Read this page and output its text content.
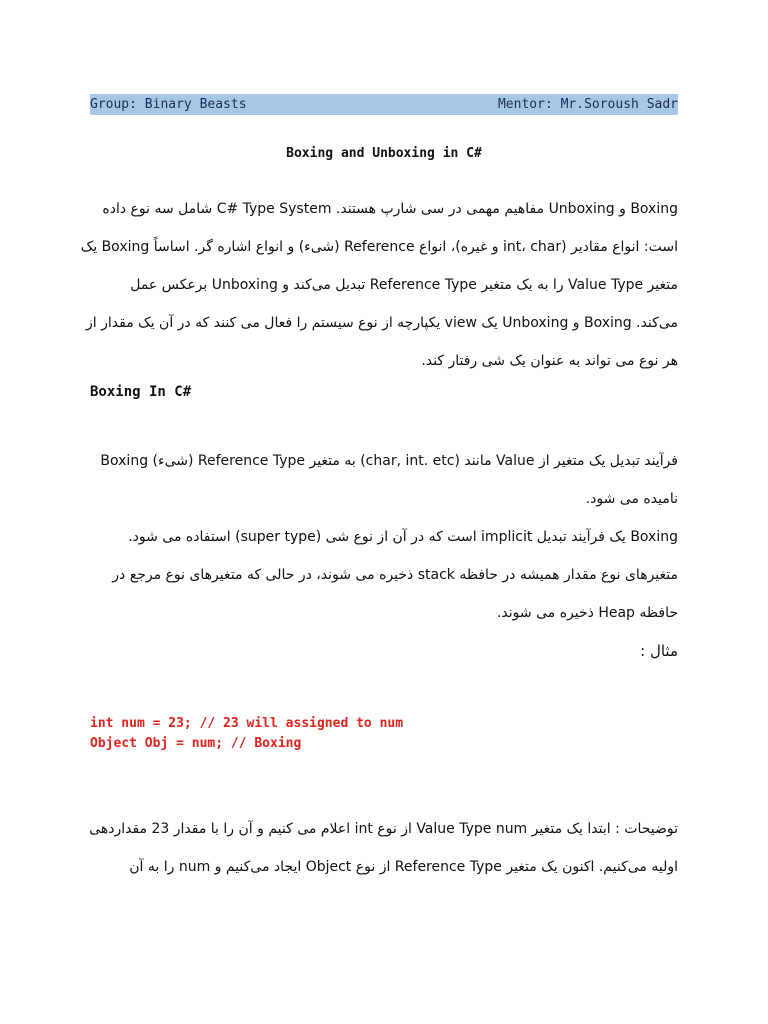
Group: Binary Beasts	Mentor: Mr.Soroush Sadr
Boxing and Unboxing in C#

Boxing و Unboxing مفاهیم مهمی در سی شارپ هستند. C# Type System شامل سه نوع داده

است: انواع مقادیر (int، char و غیره)، انواع Reference (شیء) و انواع اشاره گر. اساساً Boxing یک

متغیر Value Type را به یک متغیر Reference Type تبدیل می‌کند و Unboxing برعکس عمل

می‌کند. Boxing و Unboxing یک view یکپارچه از نوع سیستم را فعال می کنند که در آن یک مقدار از

هر نوع می تواند به عنوان یک شی رفتار کند.

Boxing In C#

فرآیند تبدیل یک متغیر از Value مانند (char, int. etc) به متغیر Reference Type (شیء) Boxing

نامیده می شود.

Boxing یک فرآیند تبدیل implicit است که در آن از نوع شی (super type) استفاده می شود.

متغیرهای نوع مقدار همیشه در حافظه stack ذخیره می شوند، در حالی که متغیرهای نوع مرجع در

حافظه Heap ذخیره می شوند.

مثال :
int num = 23; // 23 will assigned to num
Object Obj = num; // Boxing

توضیحات : ابتدا یک متغیر Value Type num از نوع int اعلام می کنیم و آن را با مقدار 23 مقداردهی

اولیه می‌کنیم. اکنون یک متغیر Reference Type از نوع Object ایجاد می‌کنیم و num را به آن
